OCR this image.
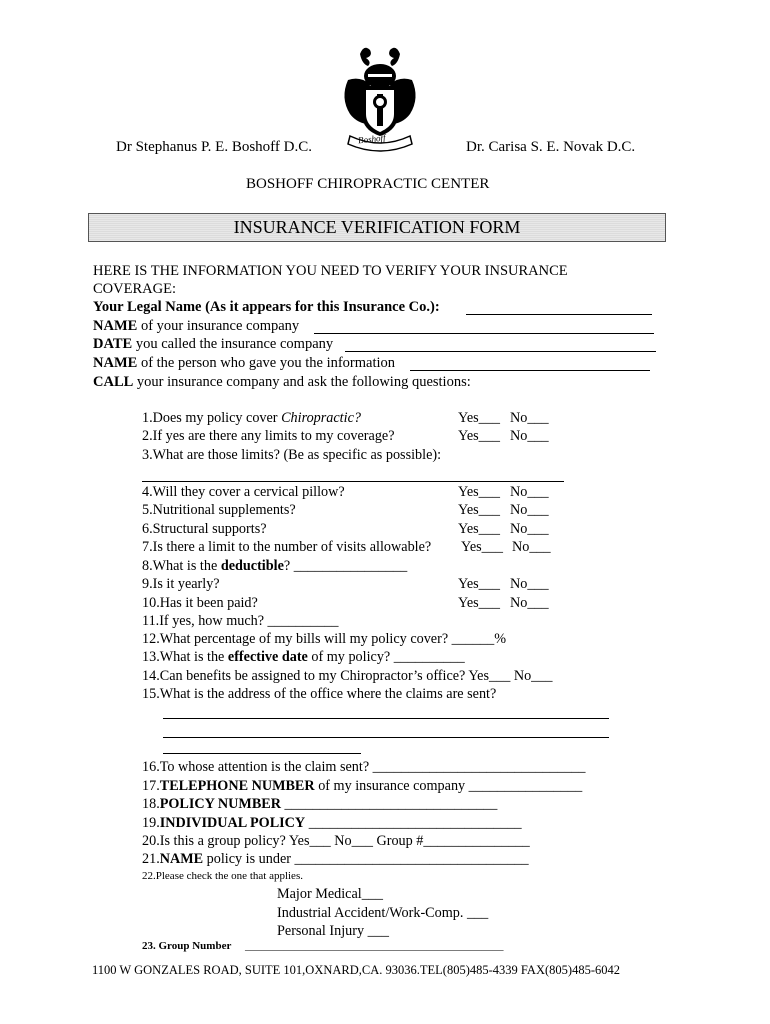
Boshoff
Dr Stephanus P. E. Boshoff D.C.	Dr. Carisa S. E. Novak D.C.
BOSHOFF CHIROPRACTIC CENTER
INSURANCE VERIFICATION FORM
HERE IS THE INFORMATION YOU NEED TO VERIFY YOUR INSURANCE
COVERAGE:
Your Legal Name (As it appears for this Insurance Co.):
NAME of your insurance company
DATE you called the insurance company
NAME of the person who gave you the information
CALL your insurance company and ask the following questions:
1.Does my policy cover Chiropractic?	Yes___ No___
2.If yes are there any limits to my coverage?	Yes___ No___
3.What are those limits? (Be as specific as possible):
4.Will they cover a cervical pillow?	Yes___ No___
5.Nutritional supplements?	Yes___ No___
6.Structural supports?	Yes___ No___
7.Is there a limit to the number of visits allowable? Yes___ No___
8.What is the deductible? ________________
9.Is it yearly?	Yes___ No___
10.Has it been paid?	Yes___ No___
11.If yes, how much? __________
12.What percentage of my bills will my policy cover? ______%
13.What is the effective date of my policy? __________
14.Can benefits be assigned to my Chiropractor’s office? Yes___ No___
15.What is the address of the office where the claims are sent?
16.To whose attention is the claim sent? ______________________________
17.TELEPHONE NUMBER of my insurance company ________________
18.POLICY NUMBER ______________________________
19.INDIVIDUAL POLICY ______________________________
20.Is this a group policy? Yes___ No___ Group #_______________
21.NAME policy is under _________________________________
22.Please check the one that applies.
Major Medical___
Industrial Accident/Work-Comp. ___
Personal Injury ___
23. Group Number _______________________________________________
1100 W GONZALES ROAD, SUITE 101,OXNARD,CA. 93036.TEL(805)485-4339 FAX(805)485-6042
